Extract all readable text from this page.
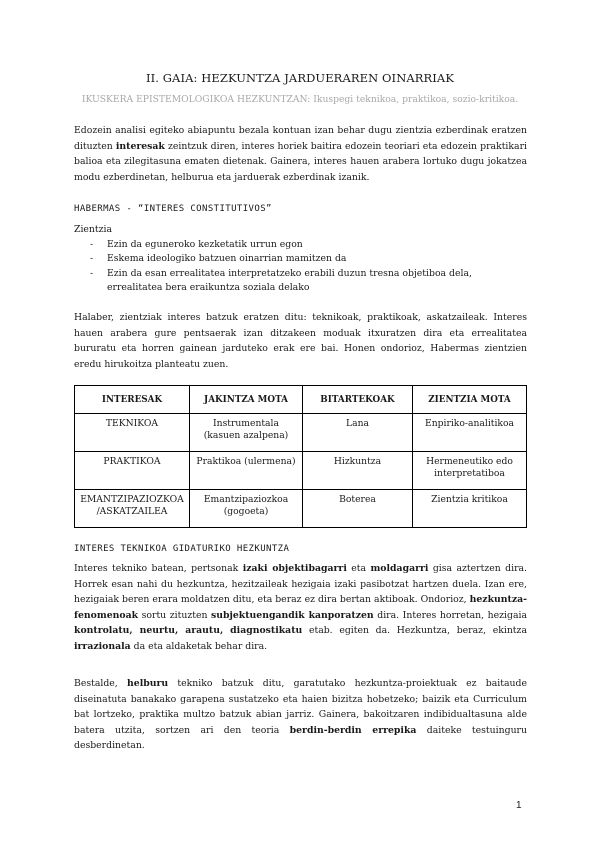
II. GAIA: HEZKUNTZA JARDUERAREN OINARRIAK
IKUSKERA EPISTEMOLOGIKOA HEZKUNTZAN: Ikuspegi teknikoa, praktikoa, sozio-kritikoa.

Edozein analisi egiteko abiapuntu bezala kontuan izan behar dugu zientzia ezberdinak eratzen dituzten interesak zeintzuk diren, interes horiek baitira edozein teoriari eta edozein praktikari balioa eta zilegitasuna ematen dietenak. Gainera, interes hauen arabera lortuko dugu jokatzea modu ezberdinetan, helburua eta jarduerak ezberdinak izanik.

HABERMAS - “INTERES CONSTITUTIVOS”
Zientzia
- Ezin da eguneroko kezketatik urrun egon
- Eskema ideologiko batzuen oinarrian mamitzen da
- Ezin da esan errealitatea interpretatzeko erabili duzun tresna objetiboa dela, errealitatea bera eraikuntza soziala delako

Halaber, zientziak interes batzuk eratzen ditu: teknikoak, praktikoak, askatzaileak. Interes hauen arabera gure pentsaerak izan ditzakeen moduak itxuratzen dira eta errealitatea bururatu eta horren gainean jarduteko erak ere bai. Honen ondorioz, Habermas zientzien eredu hirukoitza planteatu zuen.

INTERESAK	JAKINTZA MOTA	BITARTEKOAK	ZIENTZIA MOTA
TEKNIKOA	Instrumentala (kasuen azalpena)	Lana	Enpiriko-analitikoa
PRAKTIKOA	Praktikoa (ulermena)	Hizkuntza	Hermeneutiko edo interpretatiboa
EMANTZIPAZIOZKOA /ASKATZAILEA	Emantzipaziozkoa (gogoeta)	Boterea	Zientzia kritikoa
INTERES TEKNIKOA GIDATURIKO HEZKUNTZA

Interes tekniko batean, pertsonak izaki objektibagarri eta moldagarri gisa aztertzen dira. Horrek esan nahi du hezkuntza, hezitzaileak hezigaia izaki pasibotzat hartzen duela. Izan ere, hezigaiak beren erara moldatzen ditu, eta beraz ez dira bertan aktiboak. Ondorioz, hezkuntza-fenomenoak sortu zituzten subjektuengandik kanporatzen dira. Interes horretan, hezigaia kontrolatu, neurtu, arautu, diagnostikatu etab. egiten da. Hezkuntza, beraz, ekintza irrazionala da eta aldaketak behar dira.

Bestalde, helburu tekniko batzuk ditu, garatutako hezkuntza-proiektuak ez baitaude diseinatuta banakako garapena sustatzeko eta haien bizitza hobetzeko; baizik eta Curriculum bat lortzeko, praktika multzo batzuk abian jarriz. Gainera, bakoitzaren indibidualtasuna alde batera utzita, sortzen ari den teoria berdin-berdin errepika daiteke testuinguru desberdinetan.

1
